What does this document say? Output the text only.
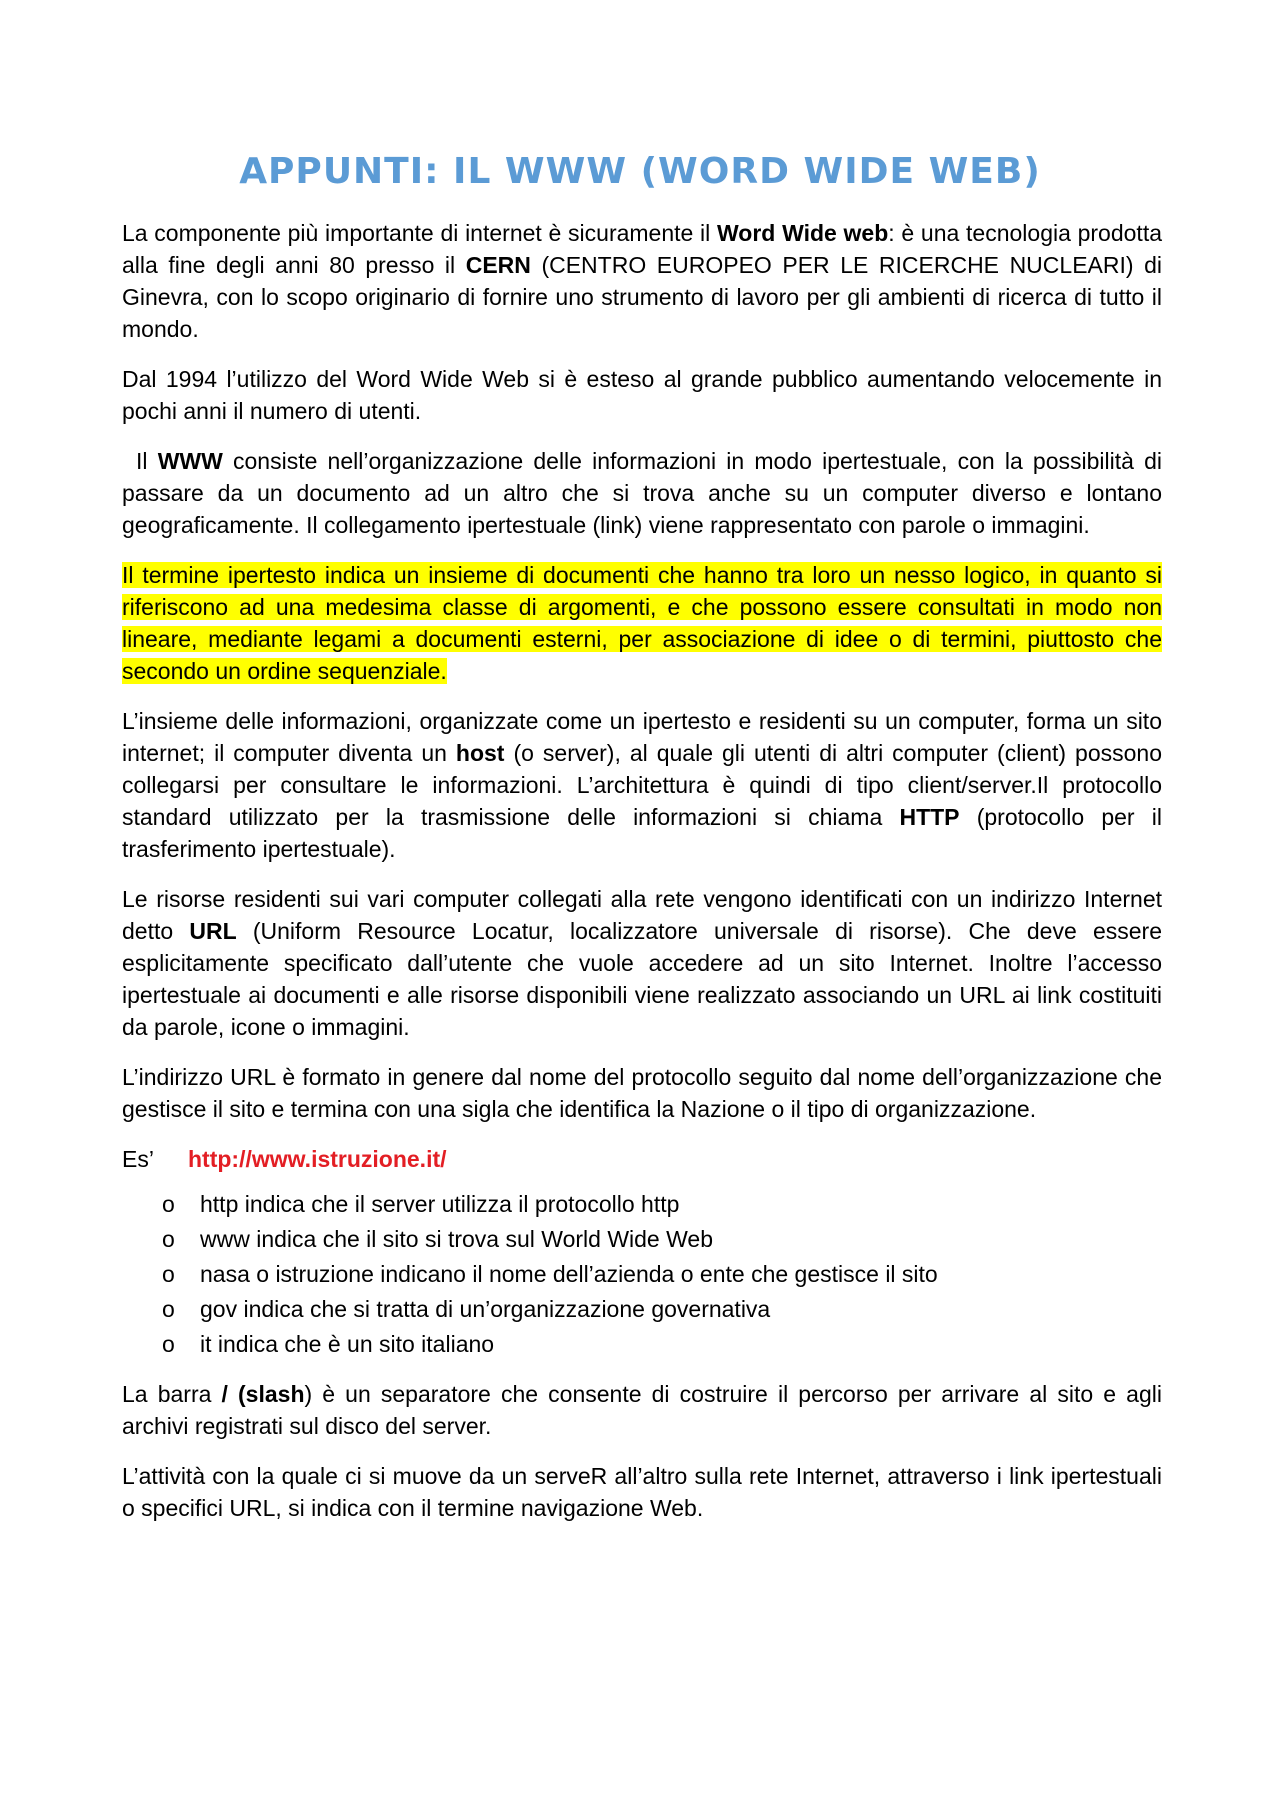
APPUNTI: IL WWW (WORD WIDE WEB)

La componente più importante di internet è sicuramente il Word Wide web: è una tecnologia prodotta alla fine degli anni 80 presso il CERN (CENTRO EUROPEO PER LE RICERCHE NUCLEARI) di Ginevra, con lo scopo originario di fornire uno strumento di lavoro per gli ambienti di ricerca di tutto il mondo.

Dal 1994 l’utilizzo del Word Wide Web si è esteso al grande pubblico aumentando velocemente in pochi anni il numero di utenti.

Il WWW consiste nell’organizzazione delle informazioni in modo ipertestuale, con la possibilità di passare da un documento ad un altro che si trova anche su un computer diverso e lontano geograficamente. Il collegamento ipertestuale (link) viene rappresentato con parole o immagini.

Il termine ipertesto indica un insieme di documenti che hanno tra loro un nesso logico, in quanto si riferiscono ad una medesima classe di argomenti, e che possono essere consultati in modo non lineare, mediante legami a documenti esterni, per associazione di idee o di termini, piuttosto che secondo un ordine sequenziale.

L’insieme delle informazioni, organizzate come un ipertesto e residenti su un computer, forma un sito internet; il computer diventa un host (o server), al quale gli utenti di altri computer (client) possono collegarsi per consultare le informazioni. L’architettura è quindi di tipo client/server.Il protocollo standard utilizzato per la trasmissione delle informazioni si chiama HTTP (protocollo per il trasferimento ipertestuale).

Le risorse residenti sui vari computer collegati alla rete vengono identificati con un indirizzo Internet detto URL (Uniform Resource Locatur, localizzatore universale di risorse). Che deve essere esplicitamente specificato dall’utente che vuole accedere ad un sito Internet. Inoltre l’accesso ipertestuale ai documenti e alle risorse disponibili viene realizzato associando un URL ai link costituiti da parole, icone o immagini.

L’indirizzo URL è formato in genere dal nome del protocollo seguito dal nome dell’organizzazione che gestisce il sito e termina con una sigla che identifica la Nazione o il tipo di organizzazione.

Es’ http://www.istruzione.it/

o	http indica che il server utilizza il protocollo http
o	www indica che il sito si trova sul World Wide Web
o	nasa o istruzione indicano il nome dell’azienda o ente che gestisce il sito
o	gov indica che si tratta di un’organizzazione governativa
o	it indica che è un sito italiano

La barra / (slash) è un separatore che consente di costruire il percorso per arrivare al sito e agli archivi registrati sul disco del server.

L’attività con la quale ci si muove da un serveR all’altro sulla rete Internet, attraverso i link ipertestuali o specifici URL, si indica con il termine navigazione Web.
